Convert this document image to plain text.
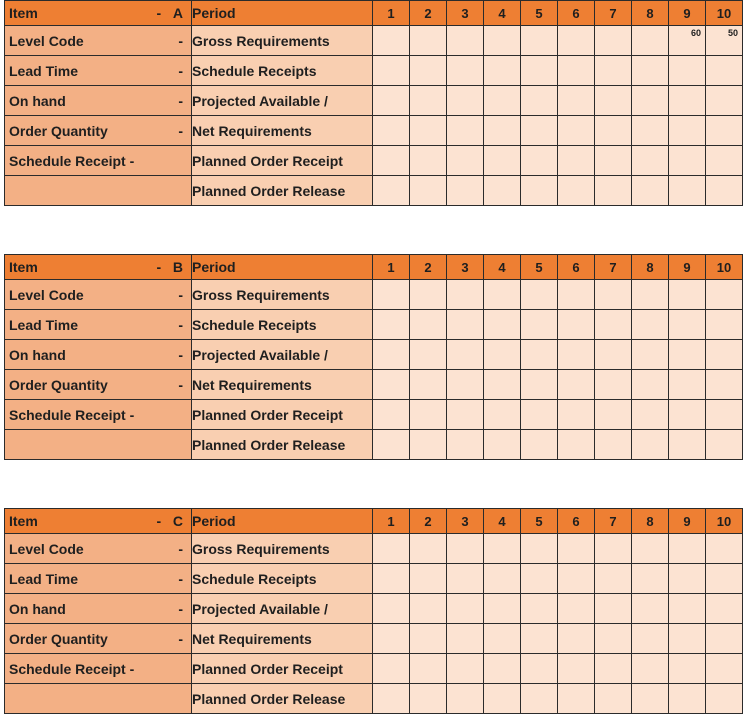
Item - A	Period	1	2	3	4	5	6	7	8	9	10

Level Code -	Gross Requirements									60	50

Lead Time -	Schedule Receipts										

On hand -	Projected Available /										

Order Quantity -	Net Requirements										

Schedule Receipt -	Planned Order Receipt										

	Planned Order Release										
Item - B	Period	1	2	3	4	5	6	7	8	9	10

Level Code -	Gross Requirements	

Lead Time -	Schedule Receipts										

On hand -	Projected Available /										

Order Quantity -	Net Requirements										

Schedule Receipt -	Planned Order Receipt										

	Planned Order Release										
Item - C	Period	1	2	3	4	5	6	7	8	9	10

Level Code -	Gross Requirements	

Lead Time -	Schedule Receipts										

On hand -	Projected Available /										

Order Quantity -	Net Requirements										

Schedule Receipt -	Planned Order Receipt										

	Planned Order Release										
